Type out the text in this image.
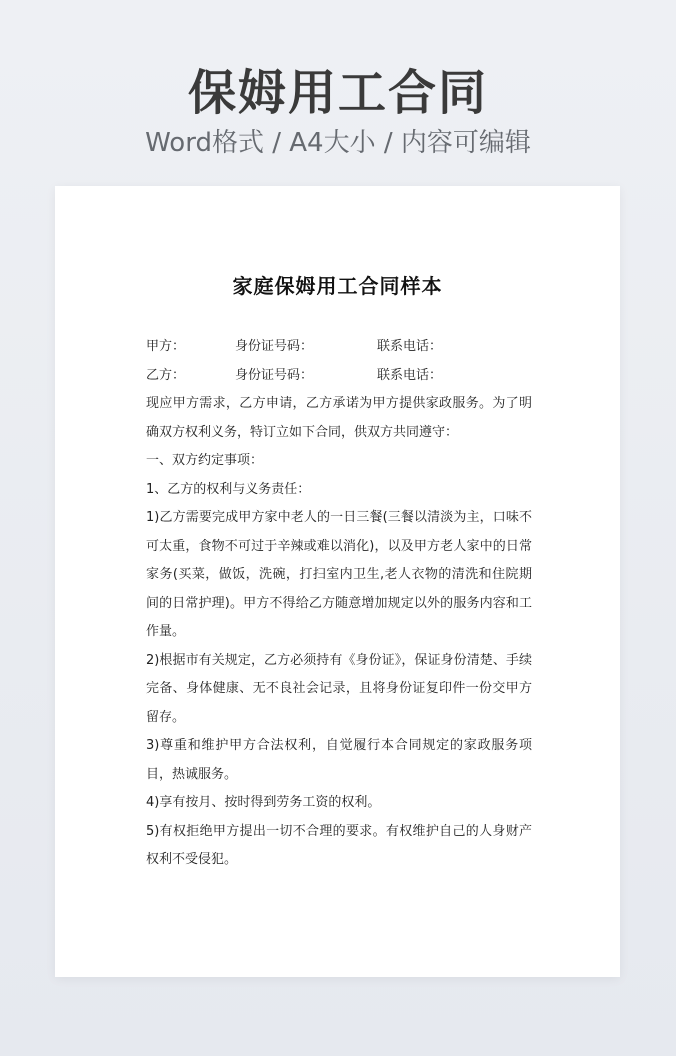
保姆用工合同
Word格式 / A4大小 / 内容可编辑
家庭保姆用工合同样本
甲方：	身份证号码：	联系电话：
乙方：	身份证号码：	联系电话：

现应甲方需求，乙方申请，乙方承诺为甲方提供家政服务。为了明确双方权利义务，特订立如下合同，供双方共同遵守：

一、双方约定事项：

1、乙方的权利与义务责任：

1)乙方需要完成甲方家中老人的一日三餐(三餐以清淡为主，口味不可太重，食物不可过于辛辣或难以消化)，以及甲方老人家中的日常家务(买菜，做饭，洗碗，打扫室内卫生,老人衣物的清洗和住院期间的日常护理)。甲方不得给乙方随意增加规定以外的服务内容和工作量。

2)根据市有关规定，乙方必须持有《身份证》，保证身份清楚、手续完备、身体健康、无不良社会记录，且将身份证复印件一份交甲方留存。

3)尊重和维护甲方合法权利，自觉履行本合同规定的家政服务项目，热诚服务。

4)享有按月、按时得到劳务工资的权利。

5)有权拒绝甲方提出一切不合理的要求。有权维护自己的人身财产权利不受侵犯。
